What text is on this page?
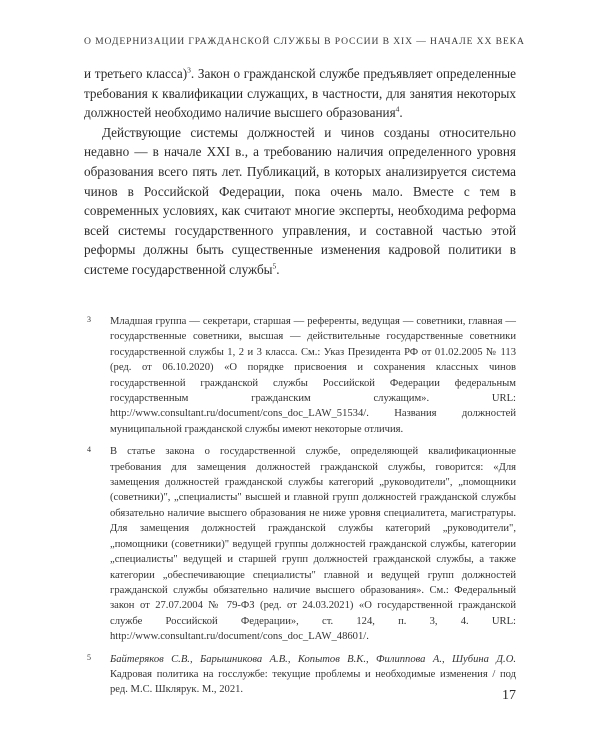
О МОДЕРНИЗАЦИИ ГРАЖДАНСКОЙ СЛУЖБЫ В РОССИИ В XIX — НАЧАЛЕ XX ВЕКА

и третьего класса)$^3$. Закон о гражданской службе предъявляет определенные требования к квалификации служащих, в частности, для занятия некоторых должностей необходимо наличие высшего образования$^4$.

Действующие системы должностей и чинов созданы относительно недавно — в начале XXI в., а требованию наличия определенного уровня образования всего пять лет. Публикаций, в которых анализируется система чинов в Российской Федерации, пока очень мало. Вместе с тем в современных условиях, как считают многие эксперты, необходима реформа всей системы государственного управления, и составной частью этой реформы должны быть существенные изменения кадровой политики в системе государственной службы$^5$.

3 Младшая группа — секретари, старшая — референты, ведущая — советники, главная — государственные советники, высшая — действительные государственные советники государственной службы 1, 2 и 3 класса. См.: Указ Президента РФ от 01.02.2005 № 113 (ред. от 06.10.2020) «О порядке присвоения и сохранения классных чинов государственной гражданской службы Российской Федерации федеральным государственным гражданским служащим». URL: http://www.consultant.ru/document/cons_doc_LAW_51534/. Названия должностей муниципальной гражданской службы имеют некоторые отличия.
4 В статье закона о государственной службе, определяющей квалификационные требования для замещения должностей гражданской службы, говорится: «Для замещения должностей гражданской службы категорий „руководители", „помощники (советники)", „специалисты" высшей и главной групп должностей гражданской службы обязательно наличие высшего образования не ниже уровня специалитета, магистратуры. Для замещения должностей гражданской службы категорий „руководители", „помощники (советники)" ведущей группы должностей гражданской службы, категории „специалисты" ведущей и старшей групп должностей гражданской службы, а также категории „обеспечивающие специалисты" главной и ведущей групп должностей гражданской службы обязательно наличие высшего образования». См.: Федеральный закон от 27.07.2004 № 79-ФЗ (ред. от 24.03.2021) «О государственной гражданской службе Российской Федерации», ст. 124, п. 3, 4. URL: http://www.consultant.ru/document/cons_doc_LAW_48601/.
5 Байтеряков С.В., Барышникова А.В., Копытов В.К., Филиппова А., Шубина Д.О. Кадровая политика на госслужбе: текущие проблемы и необходимые изменения / под ред. М.С. Шклярук. М., 2021.	17
